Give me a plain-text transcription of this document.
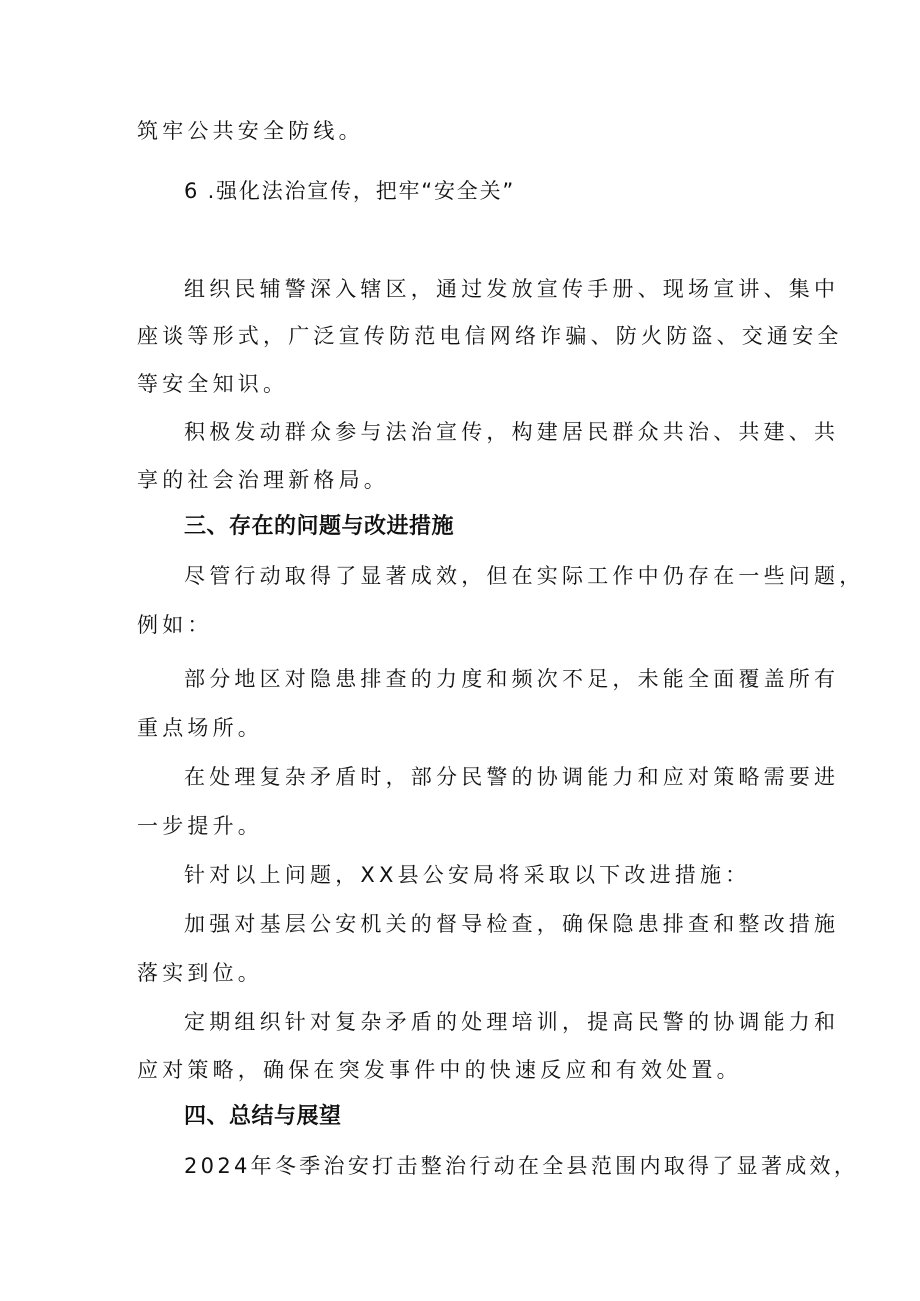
筑牢公共安全防线。
6 .强化法治宣传，把牢“安全关”
组织民辅警深入辖区，通过发放宣传手册、现场宣讲、集中
座谈等形式，广泛宣传防范电信网络诈骗、防火防盗、交通安全
等安全知识。
积极发动群众参与法治宣传，构建居民群众共治、共建、共
享的社会治理新格局。
三、存在的问题与改进措施
尽管行动取得了显著成效，但在实际工作中仍存在一些问题，
例如：
部分地区对隐患排查的力度和频次不足，未能全面覆盖所有
重点场所。
在处理复杂矛盾时，部分民警的协调能力和应对策略需要进
一步提升。
针对以上问题，XX县公安局将采取以下改进措施：
加强对基层公安机关的督导检查，确保隐患排查和整改措施
落实到位。
定期组织针对复杂矛盾的处理培训，提高民警的协调能力和
应对策略，确保在突发事件中的快速反应和有效处置。
四、总结与展望
2024年冬季治安打击整治行动在全县范围内取得了显著成效，
